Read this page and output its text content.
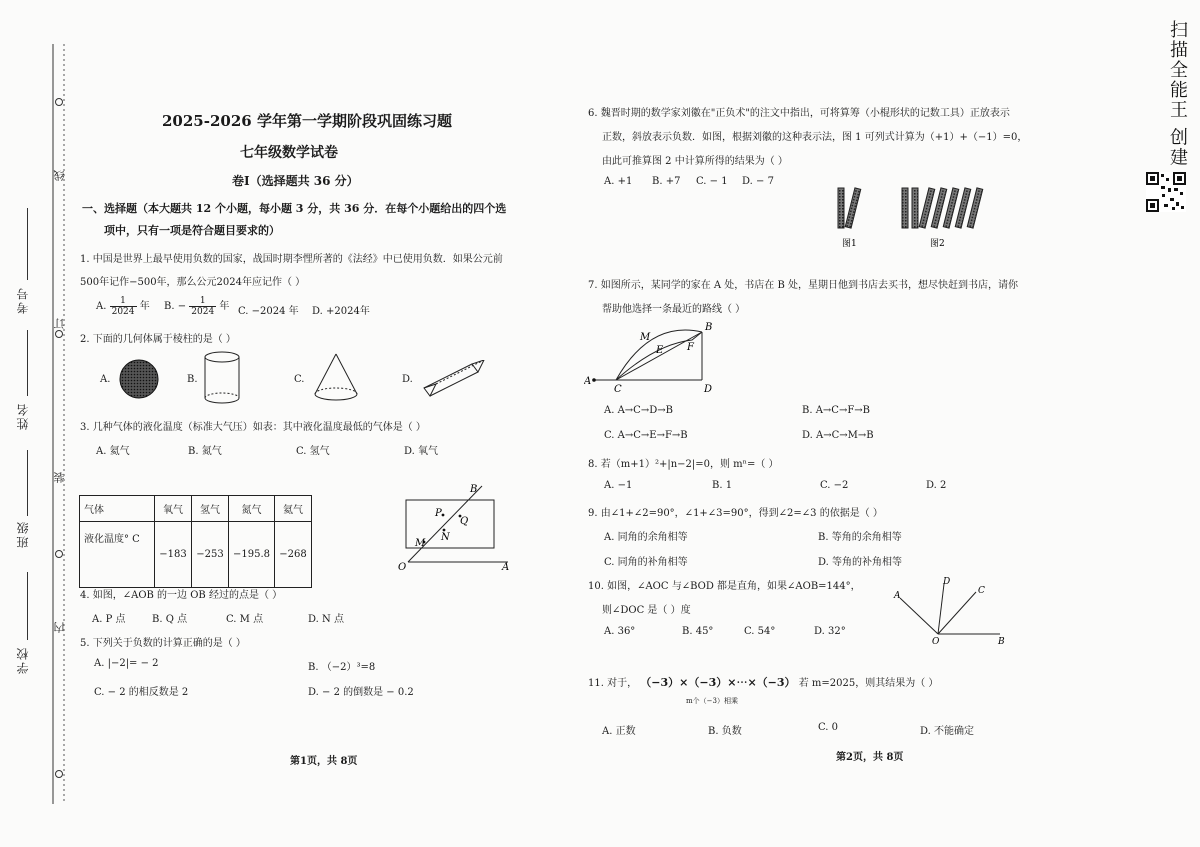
线
订
装
内
考号
姓名
班级
学校
2025-2026 学年第一学期阶段巩固练习题
七年级数学试卷
卷Ⅰ（选择题共 36 分）
一、选择题（本大题共 12 个小题，每小题 3 分，共 36 分．在每个小题给出的四个选
项中，只有一项是符合题目要求的）
1. 中国是世界上最早使用负数的国家，战国时期李悝所著的《法经》中已使用负数．如果公元前
500年记作−500年，那么公元2024年应记作（ ）
A. $\frac{1}{2024}$ 年 B. − $\frac{1}{2024}$ 年 C. −2024 年 D. +2024年
2. 下面的几何体属于棱柱的是（ ）
A.	B.	C.	D.
3. 几种气体的液化温度（标准大气压）如表：其中液化温度最低的气体是（ ）
A. 氦气	B. 氮气	C. 氢气	D. 氧气
气体	氧气	氢气	氮气	氦气
液化温度° C	−183	−253	−195.8	−268
B
P
Q
N
M
O	A
4. 如图，∠AOB 的一边 OB 经过的点是（ ）
A. P 点	B. Q 点	C. M 点	D. N 点
5. 下列关于负数的计算正确的是（ ）
A. |−2|= − 2	B. （−2）³=8
C. − 2 的相反数是 2	D. − 2 的倒数是 − 0.2
第1页，共 8页
6. 魏晋时期的数学家刘徽在"正负术"的注文中指出，可将算筹（小棍形状的记数工具）正放表示
正数，斜放表示负数．如图，根据刘徽的这种表示法，图 1 可列式计算为（+1）+（−1）=0，
由此可推算图 2 中计算所得的结果为（ ）
A. +1 B. +7 C. − 1 D. − 7
图1	图2
7. 如图所示，某同学的家在 A 处，书店在 B 处，星期日他到书店去买书，想尽快赶到书店，请你
帮助他选择一条最近的路线（ ）
M
B
E F
A
C	D
A. A→C→D→B	B. A→C→F→B
C. A→C→E→F→B	D. A→C→M→B
8. 若（m+1）²+|n−2|=0，则 mⁿ=（ ）
A. −1	B. 1	C. −2	D. 2
9. 由∠1+∠2=90°，∠1+∠3=90°，得到∠2=∠3 的依据是（ ）
A. 同角的余角相等	B. 等角的余角相等
C. 同角的补角相等	D. 等角的补角相等
10. 如图，∠AOC 与∠BOD 都是直角，如果∠AOB=144°，
则∠DOC 是（ ）度
A. 36°	B. 45°	C. 54°	D. 32°
D
A	C
O	B
11. 对于， （−3）×（−3）×⋯×（−3） 若 m=2025，则其结果为（ ）
m个（−3）相乘
A. 正数	B. 负数	C. 0	D. 不能确定
第2页，共 8页
扫描全能王 创建
